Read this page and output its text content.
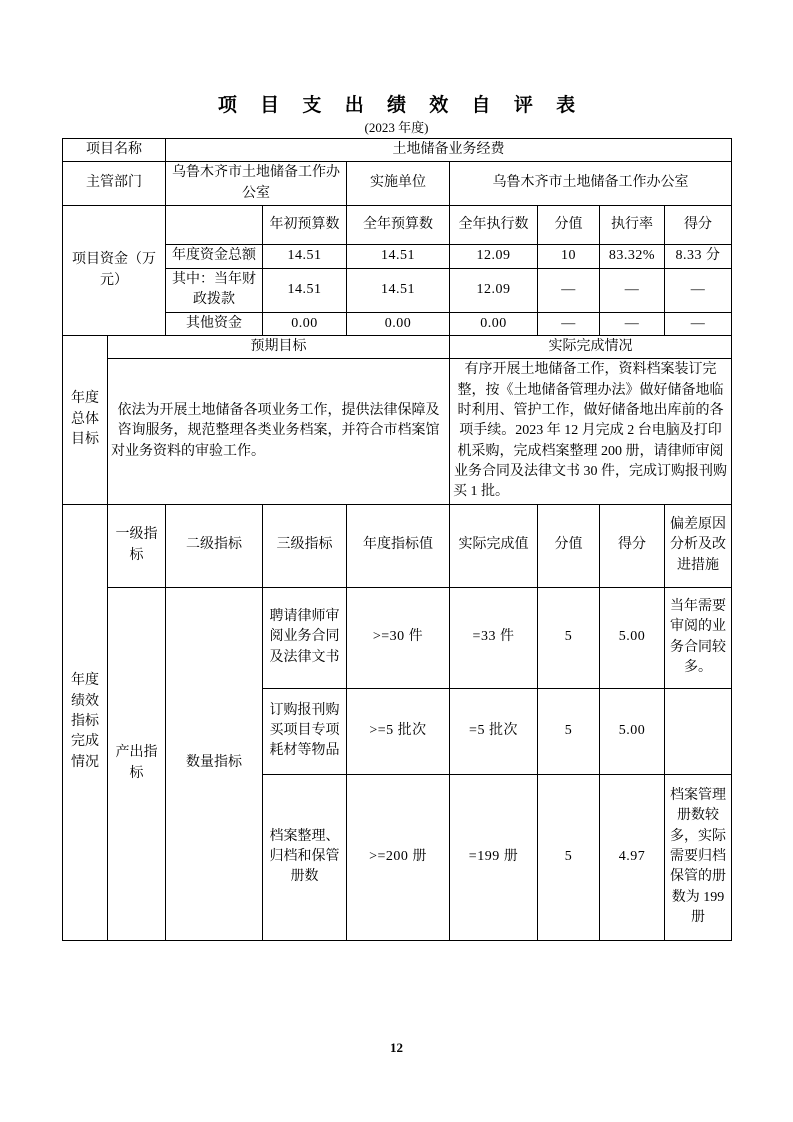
项 目 支 出 绩 效 自 评 表
(2023 年度)
项目名称		土地储备业务经费						
主管部门		乌鲁木齐市土地储备工作办公室		实施单位	乌鲁木齐市土地储备工作办公室			
项目资金（万元）			年初预算数	全年预算数	全年执行数	分值	执行率	得分
		年度资金总额	14.51	14.51	12.09	10	83.32%	8.33 分
		其中：当年财政拨款	14.51	14.51	12.09	—	—	—
		其他资金	0.00	0.00	0.00	—	—	—
年度总体目标	预期目标				实际完成情况			
	依法为开展土地储备各项业务工作，提供法律保障及咨询服务，规范整理各类业务档案，并符合市档案馆对业务资料的审验工作。				有序开展土地储备工作，资料档案装订完整，按《土地储备管理办法》做好储备地临时利用、管护工作，做好储备地出库前的各项手续。2023 年 12 月完成 2 台电脑及打印机采购，完成档案整理 200 册，请律师审阅业务合同及法律文书 30 件，完成订购报刊购买 1 批。			
年度绩效指标完成情况	一级指标	二级指标	三级指标	年度指标值	实际完成值	分值	得分	偏差原因分析及改进措施
	产出指标	数量指标	聘请律师审阅业务合同及法律文书	>=30 件	=33 件	5	5.00	当年需要审阅的业务合同较多。
			订购报刊购买项目专项耗材等物品	>=5 批次	=5 批次	5	5.00	
			档案整理、归档和保管册数	>=200 册	=199 册	5	4.97	档案管理册数较多，实际需要归档保管的册数为 199 册
12
